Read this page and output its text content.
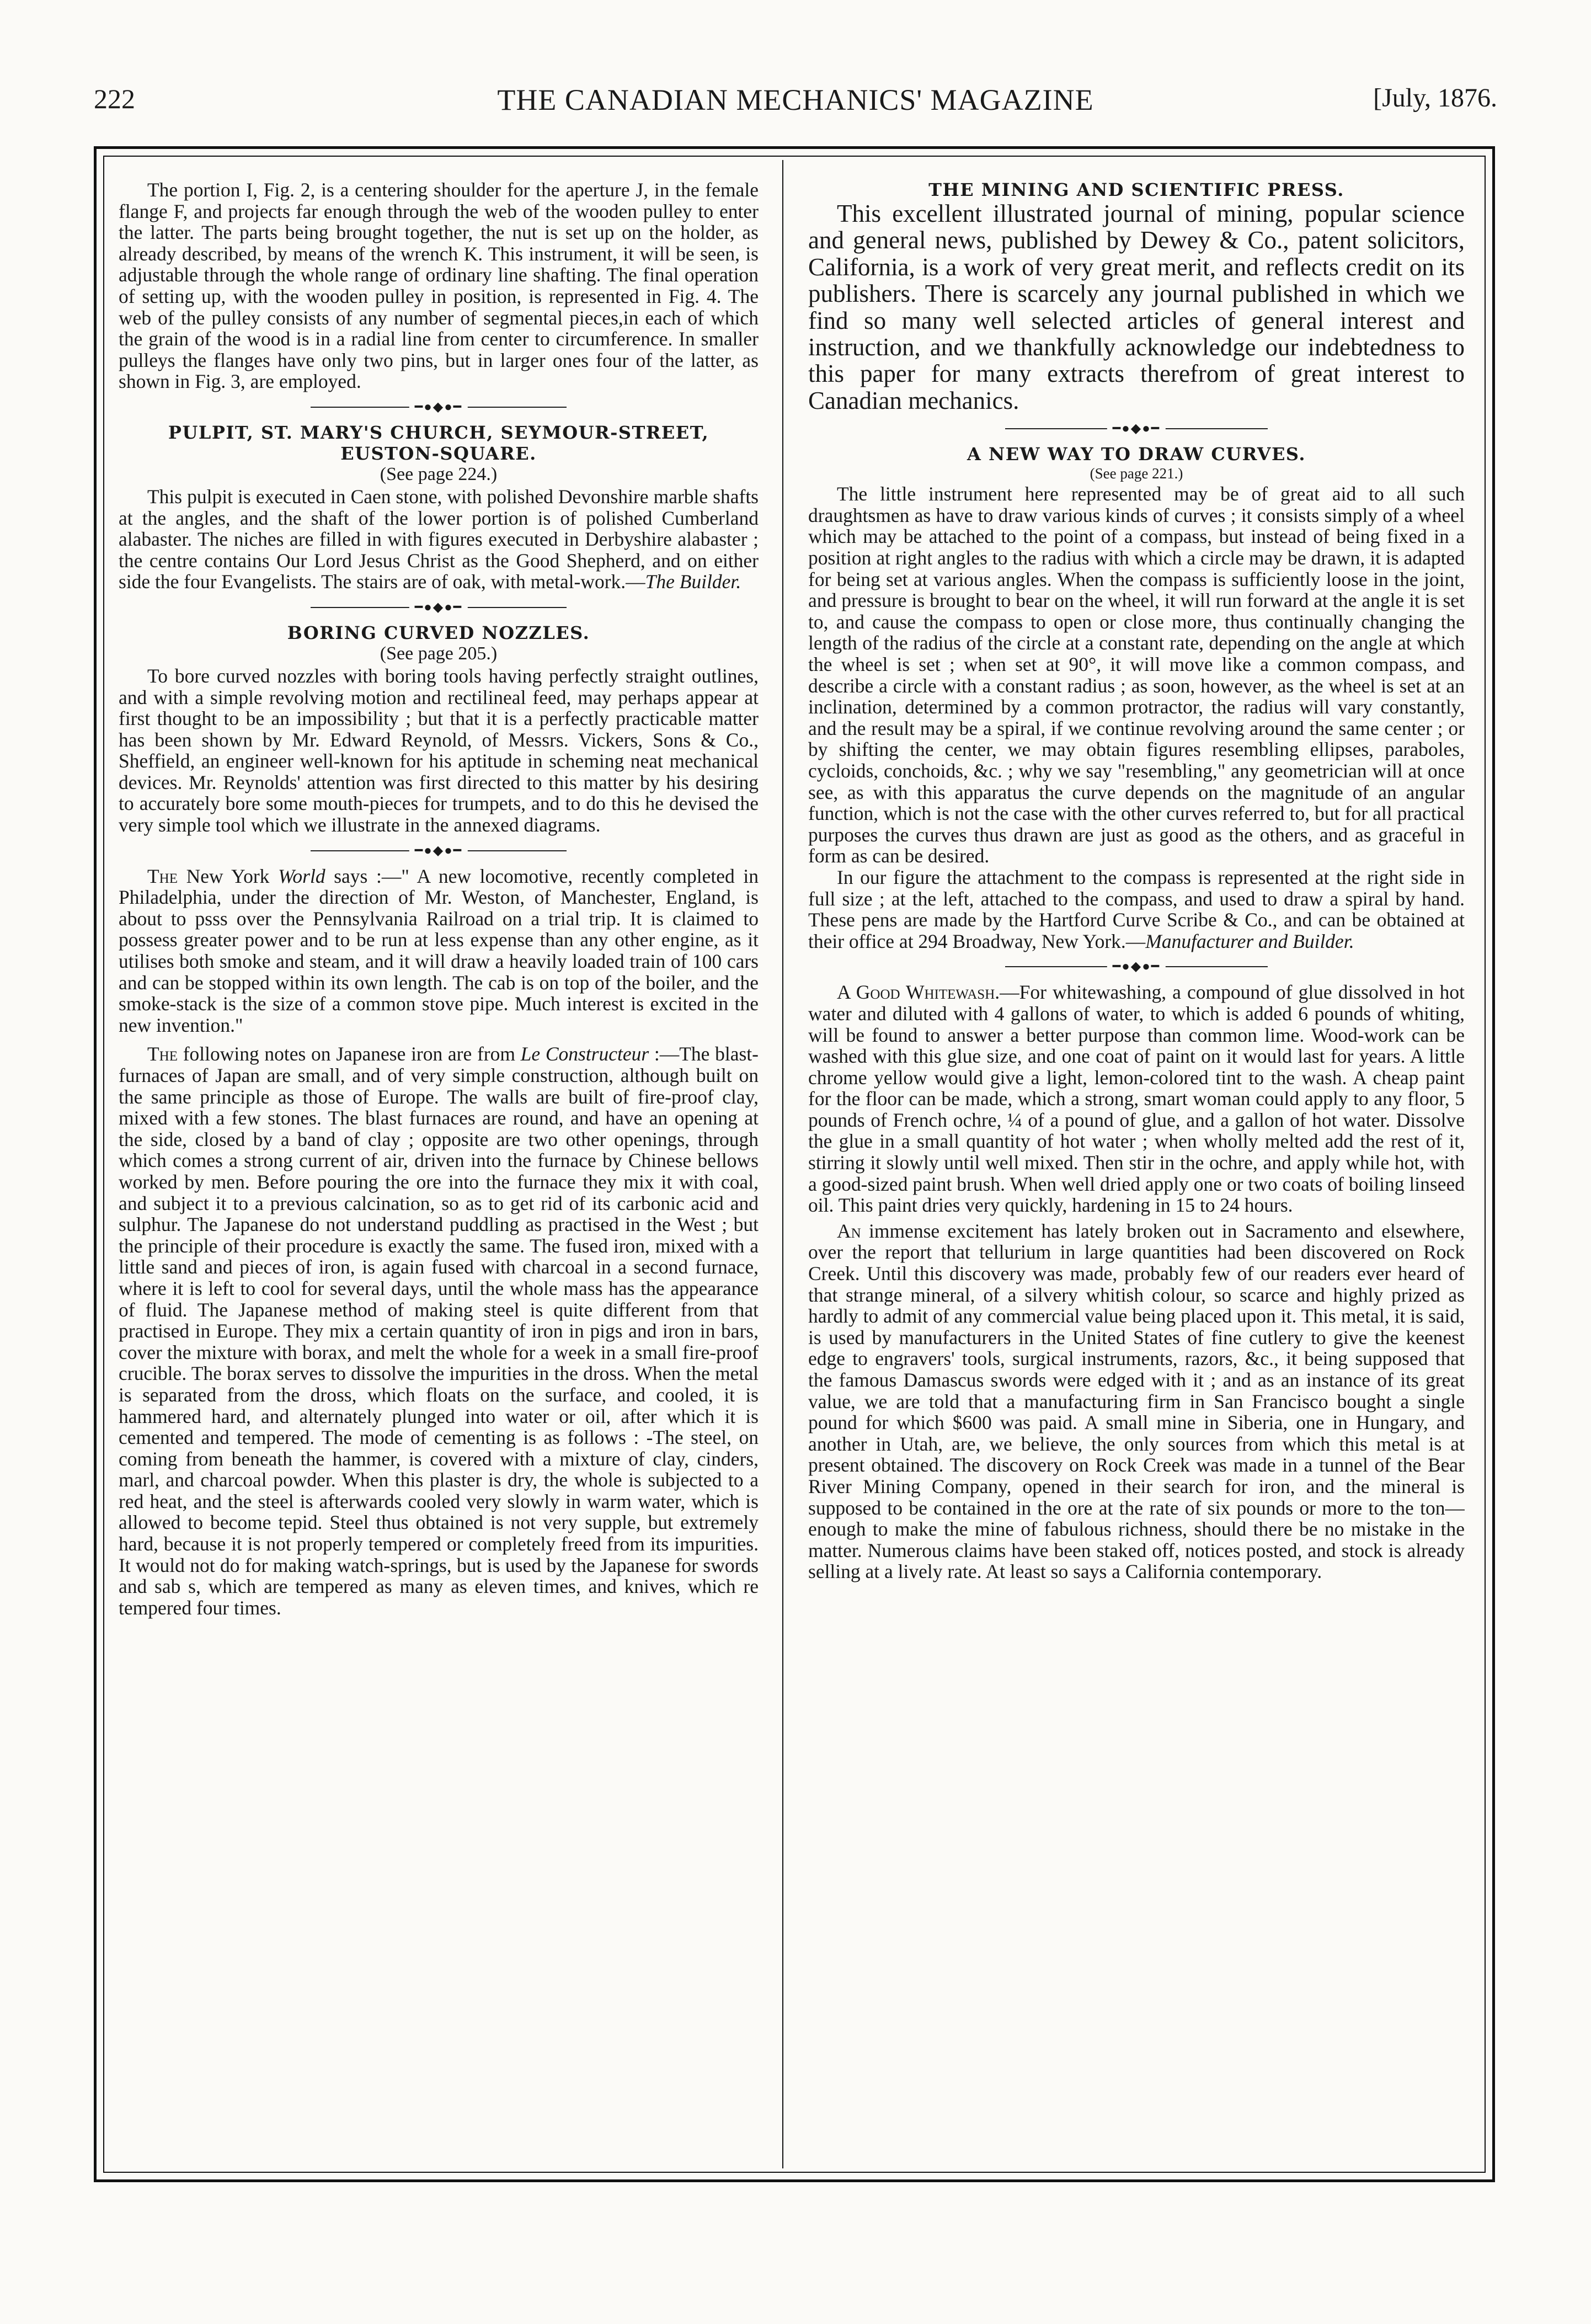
222	THE CANADIAN MECHANICS' MAGAZINE	[July, 1876.

The portion I, Fig. 2, is a centering shoulder for the aperture J, in the female flange F, and projects far enough through the web of the wooden pulley to enter the latter. The parts being brought together, the nut is set up on the holder, as already described, by means of the wrench K. This instrument, it will be seen, is adjustable through the whole range of ordinary line shafting. The final operation of setting up, with the wooden pulley in position, is represented in Fig. 4. The web of the pulley consists of any number of segmental pieces,in each of which the grain of the wood is in a radial line from center to circumference. In smaller pulleys the flanges have only two pins, but in larger ones four of the latter, as shown in Fig. 3, are employed.

━●◆●━
PULPIT, ST. MARY'S CHURCH, SEYMOUR-STREET, EUSTON-SQUARE.
(See page 224.)

This pulpit is executed in Caen stone, with polished Devonshire marble shafts at the angles, and the shaft of the lower portion is of polished Cumberland alabaster. The niches are filled in with figures executed in Derbyshire alabaster ; the centre contains Our Lord Jesus Christ as the Good Shepherd, and on either side the four Evangelists. The stairs are of oak, with metal-work.—The Builder.

━●◆●━
BORING CURVED NOZZLES.
(See page 205.)

To bore curved nozzles with boring tools having perfectly straight outlines, and with a simple revolving motion and rectilineal feed, may perhaps appear at first thought to be an impossibility ; but that it is a perfectly practicable matter has been shown by Mr. Edward Reynold, of Messrs. Vickers, Sons & Co., Sheffield, an engineer well-known for his aptitude in scheming neat mechanical devices. Mr. Reynolds' attention was first directed to this matter by his desiring to accurately bore some mouth-pieces for trumpets, and to do this he devised the very simple tool which we illustrate in the annexed diagrams.

━●◆●━

The New York World says :—" A new locomotive, recently completed in Philadelphia, under the direction of Mr. Weston, of Manchester, England, is about to psss over the Pennsylvania Railroad on a trial trip. It is claimed to possess greater power and to be run at less expense than any other engine, as it utilises both smoke and steam, and it will draw a heavily loaded train of 100 cars and can be stopped within its own length. The cab is on top of the boiler, and the smoke-stack is the size of a common stove pipe. Much interest is excited in the new invention."

The following notes on Japanese iron are from Le Constructeur :—The blast-furnaces of Japan are small, and of very simple construction, although built on the same principle as those of Europe. The walls are built of fire-proof clay, mixed with a few stones. The blast furnaces are round, and have an opening at the side, closed by a band of clay ; opposite are two other openings, through which comes a strong current of air, driven into the furnace by Chinese bellows worked by men. Before pouring the ore into the furnace they mix it with coal, and subject it to a previous calcination, so as to get rid of its carbonic acid and sulphur. The Japanese do not understand puddling as practised in the West ; but the principle of their procedure is exactly the same. The fused iron, mixed with a little sand and pieces of iron, is again fused with charcoal in a second furnace, where it is left to cool for several days, until the whole mass has the appearance of fluid. The Japanese method of making steel is quite different from that practised in Europe. They mix a certain quantity of iron in pigs and iron in bars, cover the mixture with borax, and melt the whole for a week in a small fire-proof crucible. The borax serves to dissolve the impurities in the dross. When the metal is separated from the dross, which floats on the surface, and cooled, it is hammered hard, and alternately plunged into water or oil, after which it is cemented and tempered. The mode of cementing is as follows : -The steel, on coming from beneath the hammer, is covered with a mixture of clay, cinders, marl, and charcoal powder. When this plaster is dry, the whole is subjected to a red heat, and the steel is afterwards cooled very slowly in warm water, which is allowed to become tepid. Steel thus obtained is not very supple, but extremely hard, because it is not properly tempered or completely freed from its impurities. It would not do for making watch-springs, but is used by the Japanese for swords and sab s, which are tempered as many as eleven times, and knives, which re tempered four times.

THE MINING AND SCIENTIFIC PRESS.

This excellent illustrated journal of mining, popular science and general news, published by Dewey & Co., patent solicitors, California, is a work of very great merit, and reflects credit on its publishers. There is scarcely any journal published in which we find so many well selected articles of general interest and instruction, and we thankfully acknowledge our indebtedness to this paper for many extracts therefrom of great interest to Canadian mechanics.

━●◆●━
A NEW WAY TO DRAW CURVES.
(See page 221.)

The little instrument here represented may be of great aid to all such draughtsmen as have to draw various kinds of curves ; it consists simply of a wheel which may be attached to the point of a compass, but instead of being fixed in a position at right angles to the radius with which a circle may be drawn, it is adapted for being set at various angles. When the compass is sufficiently loose in the joint, and pressure is brought to bear on the wheel, it will run forward at the angle it is set to, and cause the compass to open or close more, thus continually changing the length of the radius of the circle at a constant rate, depending on the angle at which the wheel is set ; when set at 90°, it will move like a common compass, and describe a circle with a constant radius ; as soon, however, as the wheel is set at an inclination, determined by a common protractor, the radius will vary constantly, and the result may be a spiral, if we continue revolving around the same center ; or by shifting the center, we may obtain figures resembling ellipses, paraboles, cycloids, conchoids, &c. ; why we say "resembling," any geometrician will at once see, as with this apparatus the curve depends on the magnitude of an angular function, which is not the case with the other curves referred to, but for all practical purposes the curves thus drawn are just as good as the others, and as graceful in form as can be desired.

In our figure the attachment to the compass is represented at the right side in full size ; at the left, attached to the compass, and used to draw a spiral by hand. These pens are made by the Hartford Curve Scribe & Co., and can be obtained at their office at 294 Broadway, New York.—Manufacturer and Builder.

━●◆●━

A Good Whitewash.—For whitewashing, a compound of glue dissolved in hot water and diluted with 4 gallons of water, to which is added 6 pounds of whiting, will be found to answer a better purpose than common lime. Wood-work can be washed with this glue size, and one coat of paint on it would last for years. A little chrome yellow would give a light, lemon-colored tint to the wash. A cheap paint for the floor can be made, which a strong, smart woman could apply to any floor, 5 pounds of French ochre, ¼ of a pound of glue, and a gallon of hot water. Dissolve the glue in a small quantity of hot water ; when wholly melted add the rest of it, stirring it slowly until well mixed. Then stir in the ochre, and apply while hot, with a good-sized paint brush. When well dried apply one or two coats of boiling linseed oil. This paint dries very quickly, hardening in 15 to 24 hours.

An immense excitement has lately broken out in Sacramento and elsewhere, over the report that tellurium in large quantities had been discovered on Rock Creek. Until this discovery was made, probably few of our readers ever heard of that strange mineral, of a silvery whitish colour, so scarce and highly prized as hardly to admit of any commercial value being placed upon it. This metal, it is said, is used by manufacturers in the United States of fine cutlery to give the keenest edge to engravers' tools, surgical instruments, razors, &c., it being supposed that the famous Damascus swords were edged with it ; and as an instance of its great value, we are told that a manufacturing firm in San Francisco bought a single pound for which $600 was paid. A small mine in Siberia, one in Hungary, and another in Utah, are, we believe, the only sources from which this metal is at present obtained. The discovery on Rock Creek was made in a tunnel of the Bear River Mining Company, opened in their search for iron, and the mineral is supposed to be contained in the ore at the rate of six pounds or more to the ton—enough to make the mine of fabulous richness, should there be no mistake in the matter. Numerous claims have been staked off, notices posted, and stock is already selling at a lively rate. At least so says a California contemporary.
